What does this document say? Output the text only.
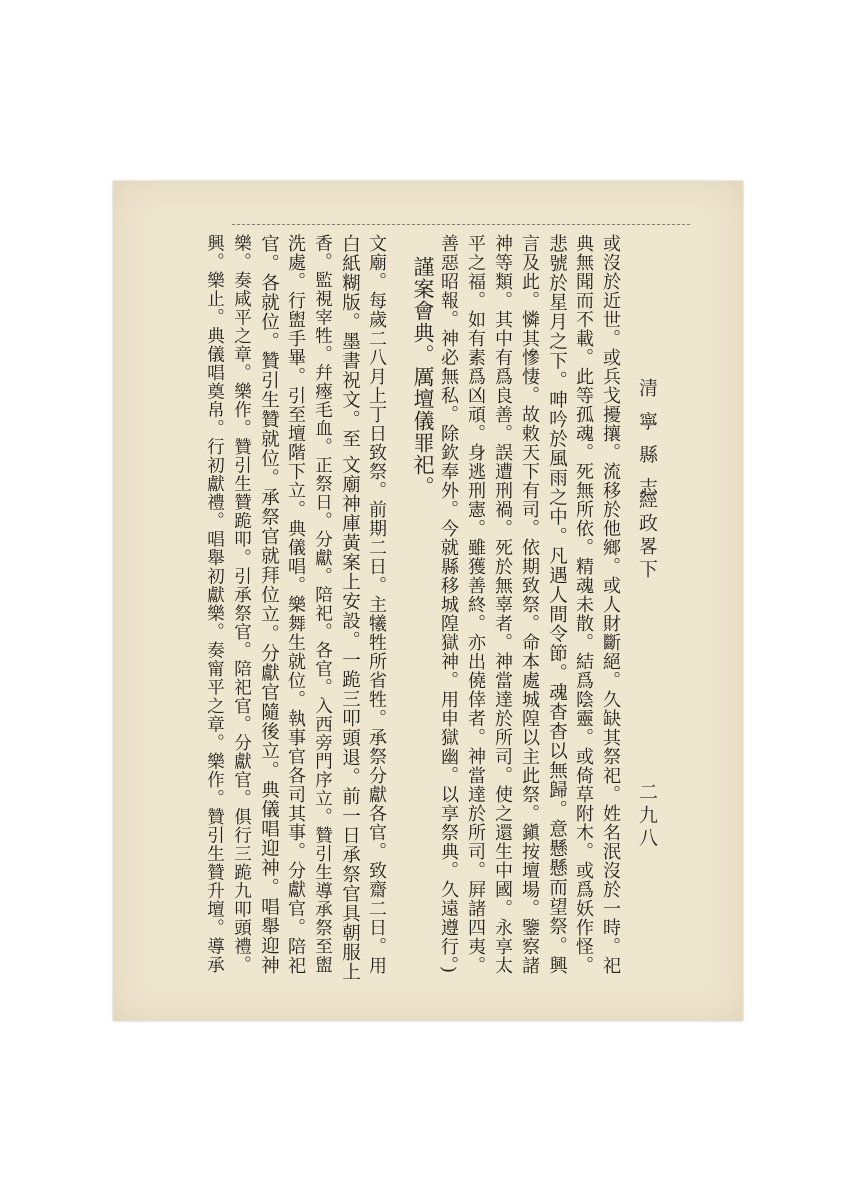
清 寧 縣 志
經政畧下
二九八
或沒於近世。或兵戈擾攘。流移於他鄉。或人財斷絕。久缺其祭祀。姓名泯沒於一時。祀
典無聞而不載。此等孤魂。死無所依。精魂未散。結爲陰靈。或倚草附木。或爲妖作怪。
悲號於星月之下。呻吟於風雨之中。凡遇人間令節。魂杳杳以無歸。意懸懸而望祭。興
言及此。憐其慘悽。故敕天下有司。依期致祭。命本處城隍以主此祭。鎭按壇場。鑒察諸
神等類。其中有爲良善。誤遭刑禍。死於無辜者。神當達於所司。使之還生中國。永享太
平之福。如有素爲凶頑。身逃刑憲。雖獲善終。亦出僥倖者。神當達於所司。屛諸四夷。
善惡昭報。神必無私。除欽奉外。今就縣移城隍獄神。用申獄幽。以享祭典。久遠遵行。)
謹案會典。厲壇儀罪祀。
文廟。每歲二八月上丁日致祭。前期二日。主犧牲所省牲。承祭分獻各官。致齋二日。用
白紙糊版。墨書祝文。至 文廟神庫黃案上安設。一跪三叩頭退。前一日承祭官具朝服上
香。監視宰牲。幷瘞毛血。正祭日。分獻。陪祀。各官。入西旁門序立。贊引生導承祭至盥
洗處。行盥手畢。引至壇階下立。典儀唱。樂舞生就位。執事官各司其事。分獻官。陪祀
官。各就位。贊引生贊就位。承祭官就拜位立。分獻官隨後立。典儀唱迎神。唱舉迎神
樂。奏咸平之章。樂作。贊引生贊跪叩。引承祭官。陪祀官。分獻官。俱行三跪九叩頭禮。
興。樂止。典儀唱奠帛。行初獻禮。唱舉初獻樂。奏甯平之章。樂作。贊引生贊升壇。導承
